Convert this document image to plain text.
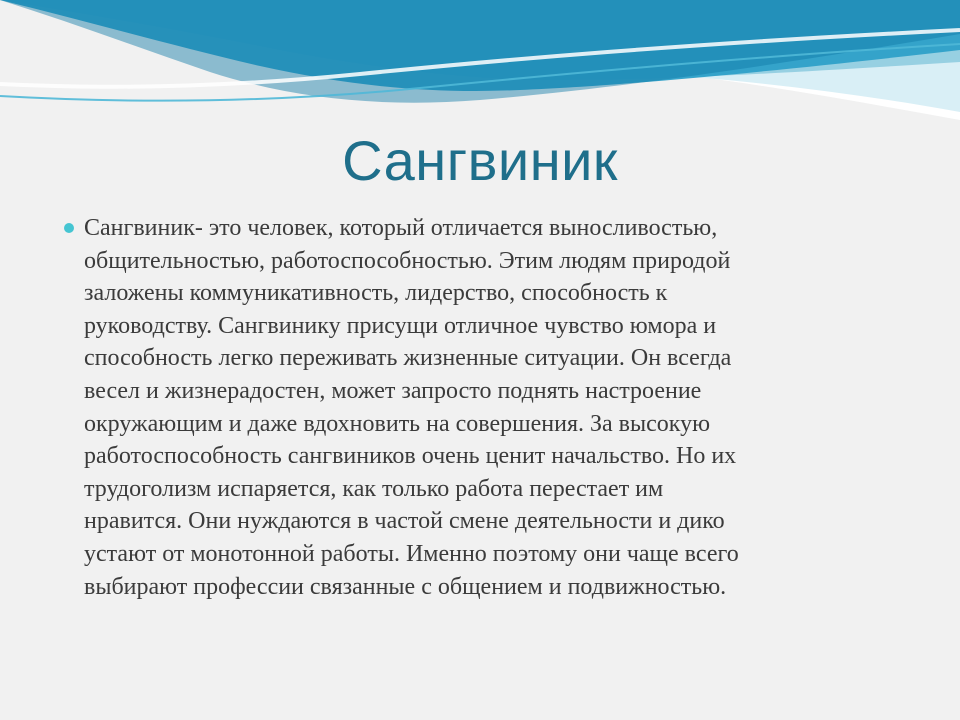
Сангвиник

Сангвиник- это человек, который отличается выносливостью,
общительностью, работоспособностью. Этим людям природой
заложены коммуникативность, лидерство, способность к
руководству. Сангвинику присущи отличное чувство юмора и
способность легко переживать жизненные ситуации. Он всегда
весел и жизнерадостен, может запросто поднять настроение
окружающим и даже вдохновить на совершения. За высокую
работоспособность сангвиников очень ценит начальство. Но их
трудоголизм испаряется, как только работа перестает им
нравится. Они нуждаются в частой смене деятельности и дико
устают от монотонной работы. Именно поэтому они чаще всего
выбирают профессии связанные с общением и подвижностью.
